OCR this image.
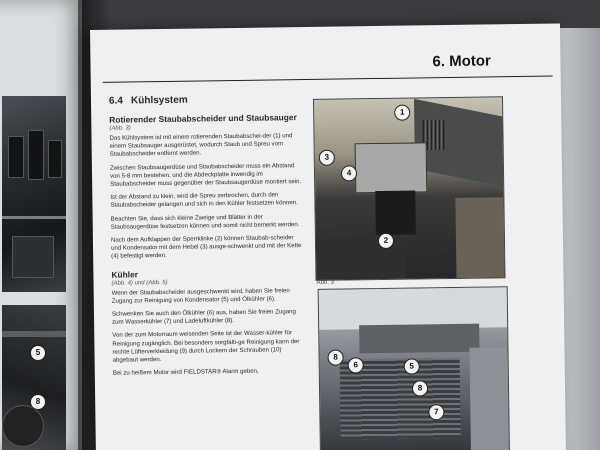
5
8
6. Motor
6.4 Kühlsystem
Rotierender Staubabscheider und Staubsauger
(Abb. 3)

Das Kühlsystem ist mit einem rotierenden Staubabschei-der (1) und einem Staubsauger ausgerüstet, wodurch Staub und Spreu vom Staubabscheider entfernt werden.

Zwischen Staubsaugerdüse und Staubabscheider muss ein Abstand von 5-8 mm bestehen, und die Abdeckplatte inwendig im Staubabscheider muss gegenüber der Staubsaugerdüse montiert sein.

Ist der Abstand zu klein, wird die Spreu zerbrochen, durch den Staubabscheider gelangen und sich in den Kühler festsetzen können.

Beachten Sie, dass sich kleine Zweige und Blätter in der Staubsaugerdüse festsetzen können und somit nicht bemerkt werden.

Nach dem Aufklappen der Sperrklinke (2) können Staubab-scheider und Kondensator mit dem Hebel (3) ausge-schwenkt und mit der Kette (4) befestigt werden.

Kühler
(Abb. 4) und (Abb. 5)

Wenn der Staubabscheider ausgeschwenkt wird, haben Sie freien Zugang zur Reinigung von Kondensator (5) und Ölkühler (6).

Schwenken Sie auch den Ölkühler (6) aus, haben Sie freien Zugang zum Wasserkühler (7) und Ladeluftkühler (8).

Von der zum Motorraum weisenden Seite ist der Wasser-kühler für Reinigung zugänglich. Bei besonders sorgfälti-ge Reinigung kann der rechte Lüfterverkleidung (9) durch Lockern der Schrauben (10) abgebaut werden.

Bei zu heißem Motor wird FIELDSTAR® Alarm geben,

1
3
4
2
Abb. 3
8
6	5
8
7
